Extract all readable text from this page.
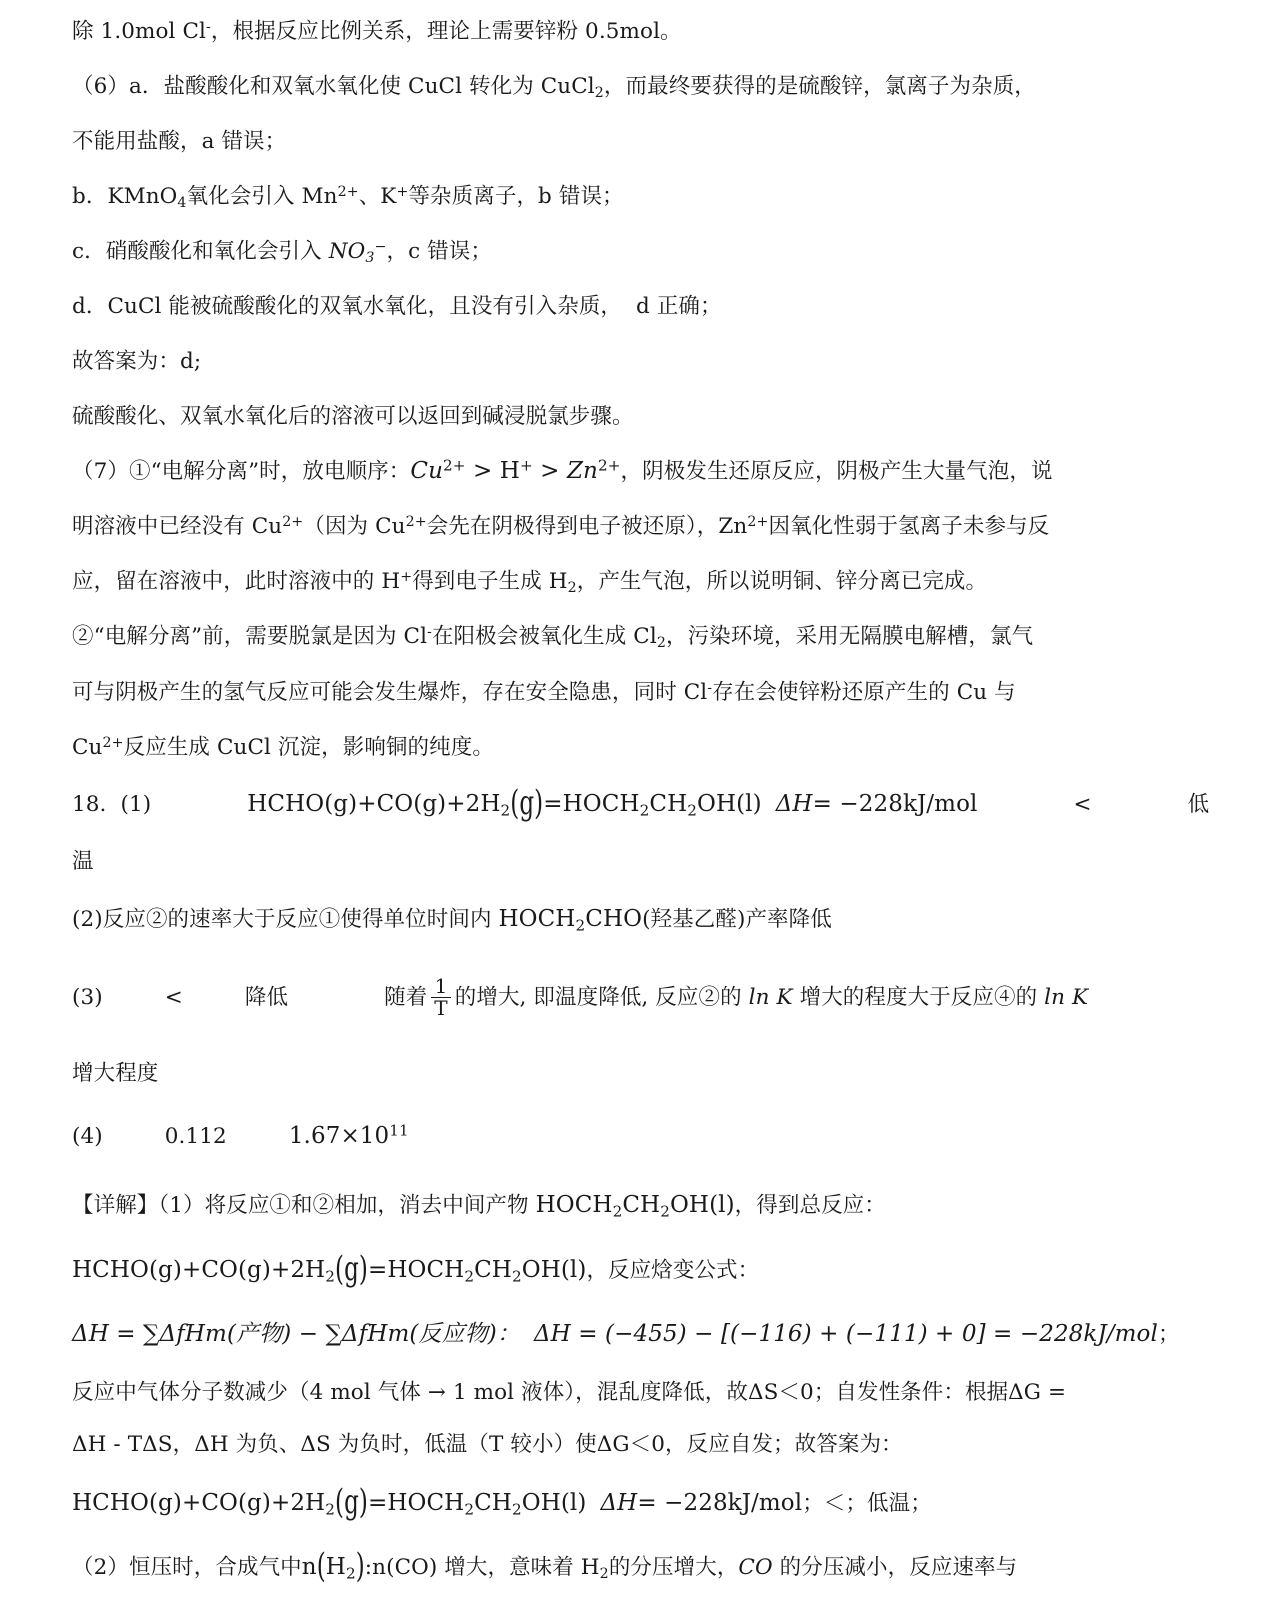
除 1.0mol Cl-，根据反应比例关系，理论上需要锌粉 0.5mol。
（6）a．盐酸酸化和双氧水氧化使 CuCl 转化为 CuCl$_2$，而最终要获得的是硫酸锌，氯离子为杂质，
不能用盐酸，a 错误；
b．KMnO$_4$氧化会引入 $Mn^{2+}$、K+等杂质离子，b 错误；
c．硝酸酸化和氧化会引入 $NO_3^-$，c 错误；
d．CuCl 能被硫酸酸化的双氧水氧化，且没有引入杂质， d 正确；
故答案为：d;
硫酸酸化、双氧水氧化后的溶液可以返回到碱浸脱氯步骤。
（7）①“电解分离”时，放电顺序：$Cu^{2+} > H^+ > Zn^{2+}$，阴极发生还原反应，阴极产生大量气泡，说
明溶液中已经没有 $Cu^{2+}$（因为 $Cu^{2+}$会先在阴极得到电子被还原），$Zn^{2+}$因氧化性弱于氢离子未参与反
应，留在溶液中，此时溶液中的 H+得到电子生成 $H_2$，产生气泡，所以说明铜、锌分离已完成。
②“电解分离”前，需要脱氯是因为 Cl-在阳极会被氧化生成 $Cl_2$，污染环境，采用无隔膜电解槽，氯气
可与阴极产生的氢气反应可能会发生爆炸，存在安全隐患，同时 Cl-存在会使锌粉还原产生的 Cu 与
$Cu^{2+}$反应生成 CuCl 沉淀，影响铜的纯度。
18. (1)	$HCHO(g)+CO(g)+2H_2(g)=HOCH_2CH_2OH(l)$ ΔH= −228kJ/mol	<	低
温
(2)反应②的速率大于反应①使得单位时间内 $HOCH_2CHO$(羟基乙醛)产率降低
(3)	<	降低	随着 $\frac{1}{T}$ 的增大, 即温度降低, 反应②的 ln K 增大的程度大于反应④的 ln K
增大程度
(4)	0.112	$1.67\times 10^{11}$
【详解】（1）将反应①和②相加，消去中间产物 $HOCH_2CH_2OH(l)$，得到总反应：
$HCHO(g)+CO(g)+2H_2(g)=HOCH_2CH_2OH(l)$，反应焓变公式：
ΔH = ∑ΔfHm(产物) − ∑ΔfHm(反应物)： ΔH = (−455) − [(−116) + (−111) + 0] = −228kJ/mol；
反应中气体分子数减少（4 mol 气体 → 1 mol 液体），混乱度降低，故ΔS＜0；自发性条件：根据ΔG =
ΔH - TΔS，ΔH 为负、ΔS 为负时，低温（T 较小）使ΔG＜0，反应自发；故答案为：
$HCHO(g)+CO(g)+2H_2(g)=HOCH_2CH_2OH(l)$ ΔH= −228kJ/mol；＜；低温；
（2）恒压时，合成气中$n(H_2):n(CO)$ 增大，意味着 $H_2$的分压增大，CO 的分压减小，反应速率与
